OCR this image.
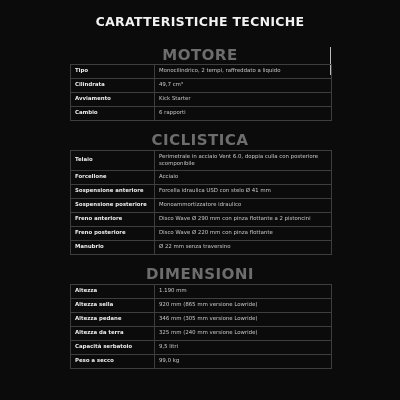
CARATTERISTICHE TECNICHE
MOTORE
Tipo	Monocilindrico, 2 tempi, raffreddato a liquido
Cilindrata	49,7 cm³
Avviamento	Kick Starter
Cambio	6 rapporti
CICLISTICA
Telaio	Perimetrale in acciaio Vent 6.0, doppia culla con posteriore scomponibile
Forcellone	Acciaio
Sospensione anteriore	Forcella idraulica USD con stelo Ø 41 mm
Sospensione posteriore	Monoammortizzatore idraulico
Freno anteriore	Disco Wave Ø 290 mm con pinza flottante a 2 pistoncini
Freno posteriore	Disco Wave Ø 220 mm con pinza flottante
Manubrio	Ø 22 mm senza traversino
DIMENSIONI
Altezza	1.190 mm
Altezza sella	920 mm (865 mm versione Lowride)
Altezza pedane	346 mm (305 mm versione Lowride)
Altezza da terra	325 mm (240 mm versione Lowride)
Capacità serbatoio	9,5 litri
Peso a secco	99,0 kg
